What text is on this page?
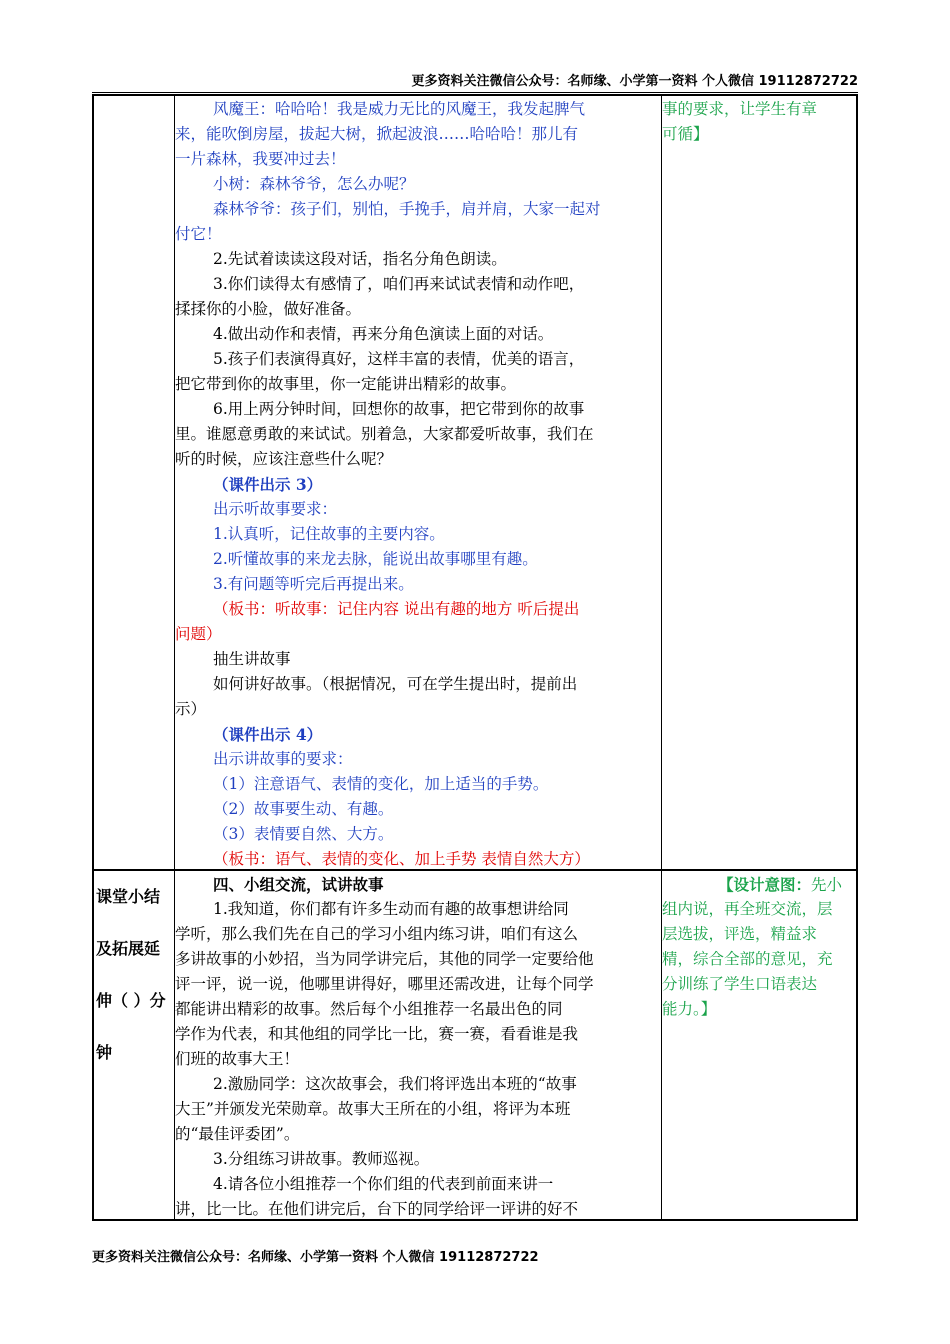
更多资料关注微信公众号：名师缘、小学第一资料 个人微信 19112872722
风魔王：哈哈哈！我是威力无比的风魔王，我发起脾气
来，能吹倒房屋，拔起大树，掀起波浪……哈哈哈！那儿有
一片森林，我要冲过去！
小树：森林爷爷，怎么办呢？
森林爷爷：孩子们，别怕，手挽手，肩并肩，大家一起对
付它！
2.先试着读读这段对话，指名分角色朗读。
3.你们读得太有感情了，咱们再来试试表情和动作吧，
揉揉你的小脸，做好准备。
4.做出动作和表情，再来分角色演读上面的对话。
5.孩子们表演得真好，这样丰富的表情，优美的语言，
把它带到你的故事里，你一定能讲出精彩的故事。
6.用上两分钟时间，回想你的故事，把它带到你的故事
里。谁愿意勇敢的来试试。别着急，大家都爱听故事，我们在
听的时候，应该注意些什么呢？
（课件出示 3）
出示听故事要求：
1.认真听，记住故事的主要内容。
2.听懂故事的来龙去脉，能说出故事哪里有趣。
3.有问题等听完后再提出来。
（板书：听故事：记住内容 说出有趣的地方 听后提出
问题）
抽生讲故事
如何讲好故事。（根据情况，可在学生提出时，提前出
示）
（课件出示 4）
出示讲故事的要求：
（1）注意语气、表情的变化，加上适当的手势。
（2）故事要生动、有趣。
（3）表情要自然、大方。
（板书：语气、表情的变化、加上手势 表情自然大方）
事的要求，让学生有章
可循】
课堂小结
及拓展延
伸（ ）分
钟
四、小组交流，试讲故事
1.我知道，你们都有许多生动而有趣的故事想讲给同
学听，那么我们先在自己的学习小组内练习讲，咱们有这么
多讲故事的小妙招，当为同学讲完后，其他的同学一定要给他
评一评，说一说，他哪里讲得好，哪里还需改进，让每个同学
都能讲出精彩的故事。然后每个小组推荐一名最出色的同
学作为代表，和其他组的同学比一比，赛一赛，看看谁是我
们班的故事大王！
2.激励同学：这次故事会，我们将评选出本班的“故事
大王”并颁发光荣勋章。故事大王所在的小组，将评为本班
的“最佳评委团”。
3.分组练习讲故事。教师巡视。
4.请各位小组推荐一个你们组的代表到前面来讲一
讲，比一比。在他们讲完后，台下的同学给评一评讲的好不
【设计意图：先小
组内说，再全班交流，层
层选拔，评选，精益求
精，综合全部的意见，充
分训练了学生口语表达
能力。】
更多资料关注微信公众号：名师缘、小学第一资料 个人微信 19112872722
